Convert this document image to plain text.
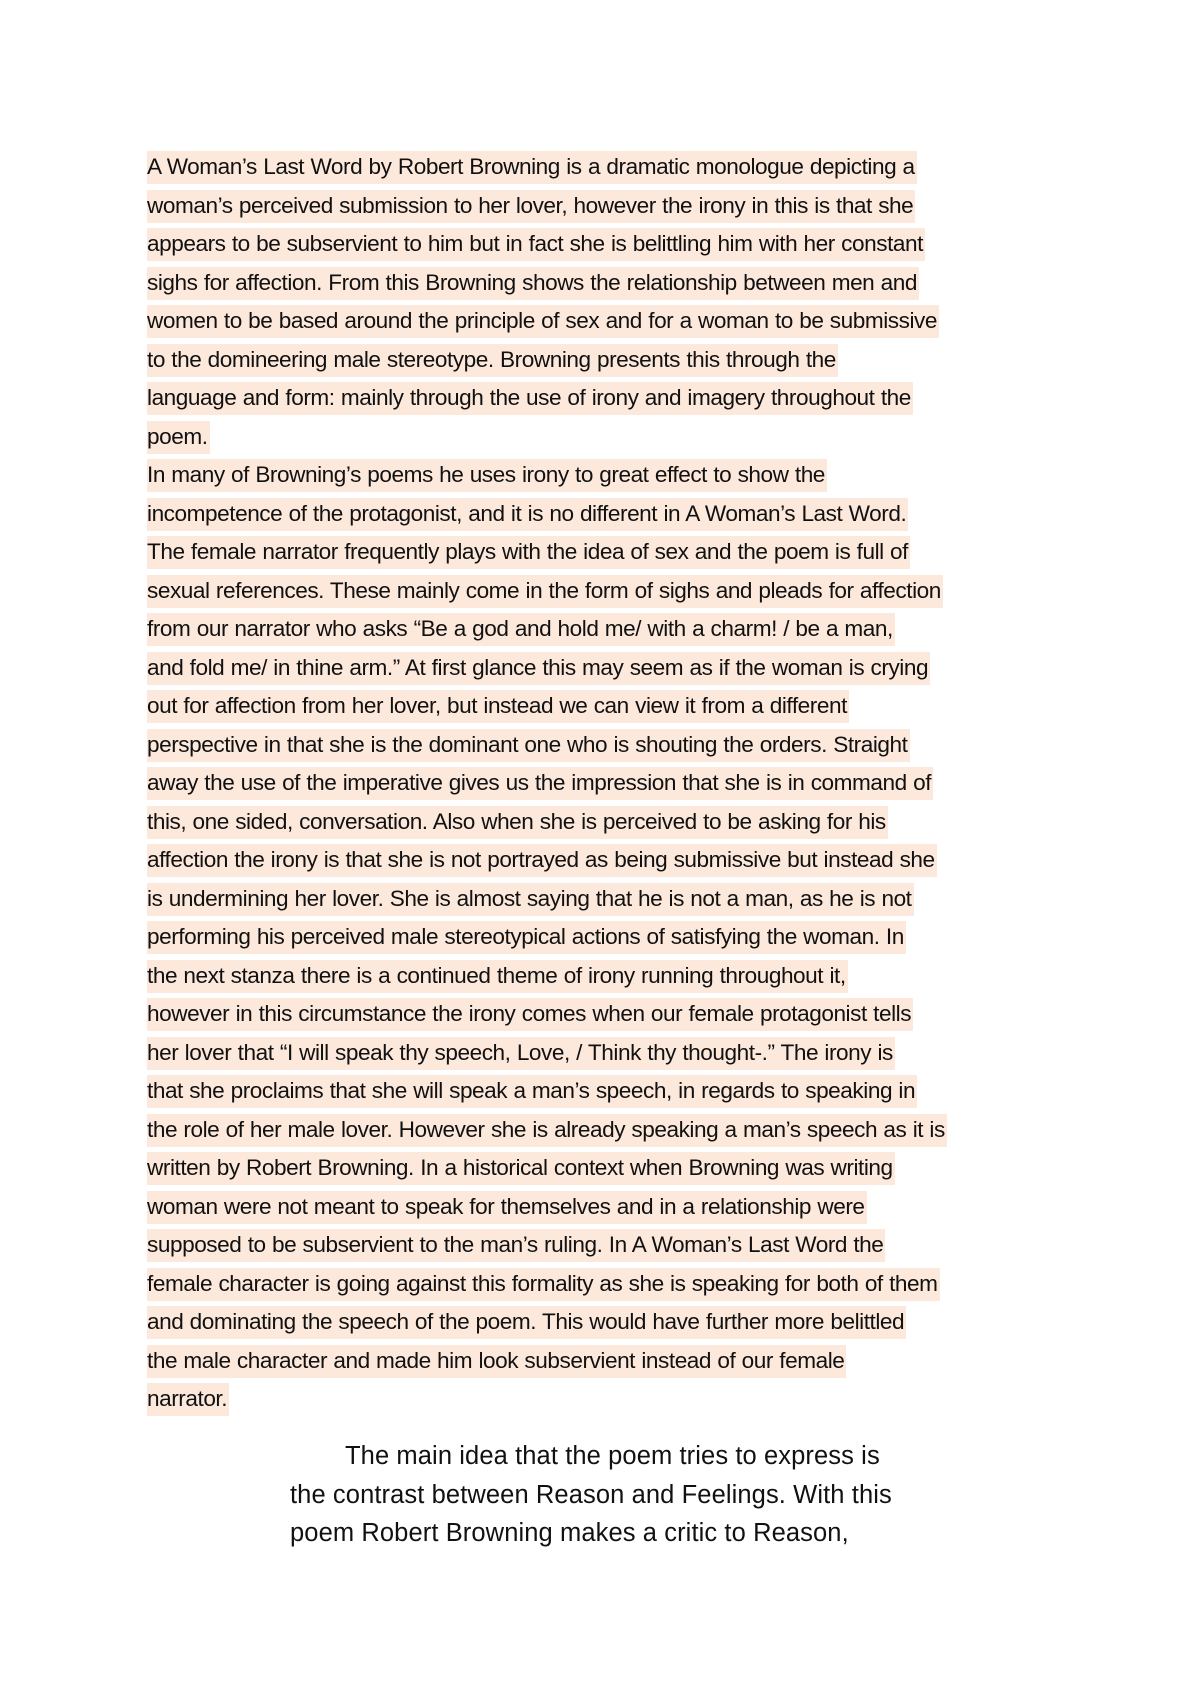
A Woman’s Last Word by Robert Browning is a dramatic monologue depicting a
woman’s perceived submission to her lover, however the irony in this is that she
appears to be subservient to him but in fact she is belittling him with her constant
sighs for affection. From this Browning shows the relationship between men and
women to be based around the principle of sex and for a woman to be submissive
to the domineering male stereotype. Browning presents this through the
language and form: mainly through the use of irony and imagery throughout the
poem.
In many of Browning’s poems he uses irony to great effect to show the
incompetence of the protagonist, and it is no different in A Woman’s Last Word.
The female narrator frequently plays with the idea of sex and the poem is full of
sexual references. These mainly come in the form of sighs and pleads for affection
from our narrator who asks “Be a god and hold me/ with a charm! / be a man,
and fold me/ in thine arm.” At first glance this may seem as if the woman is crying
out for affection from her lover, but instead we can view it from a different
perspective in that she is the dominant one who is shouting the orders. Straight
away the use of the imperative gives us the impression that she is in command of
this, one sided, conversation. Also when she is perceived to be asking for his
affection the irony is that she is not portrayed as being submissive but instead she
is undermining her lover. She is almost saying that he is not a man, as he is not
performing his perceived male stereotypical actions of satisfying the woman. In
the next stanza there is a continued theme of irony running throughout it,
however in this circumstance the irony comes when our female protagonist tells
her lover that “I will speak thy speech, Love, / Think thy thought-.” The irony is
that she proclaims that she will speak a man’s speech, in regards to speaking in
the role of her male lover. However she is already speaking a man’s speech as it is
written by Robert Browning. In a historical context when Browning was writing
woman were not meant to speak for themselves and in a relationship were
supposed to be subservient to the man’s ruling. In A Woman’s Last Word the
female character is going against this formality as she is speaking for both of them
and dominating the speech of the poem. This would have further more belittled
the male character and made him look subservient instead of our female
narrator.
The main idea that the poem tries to express is
the contrast between Reason and Feelings. With this
poem Robert Browning makes a critic to Reason,
